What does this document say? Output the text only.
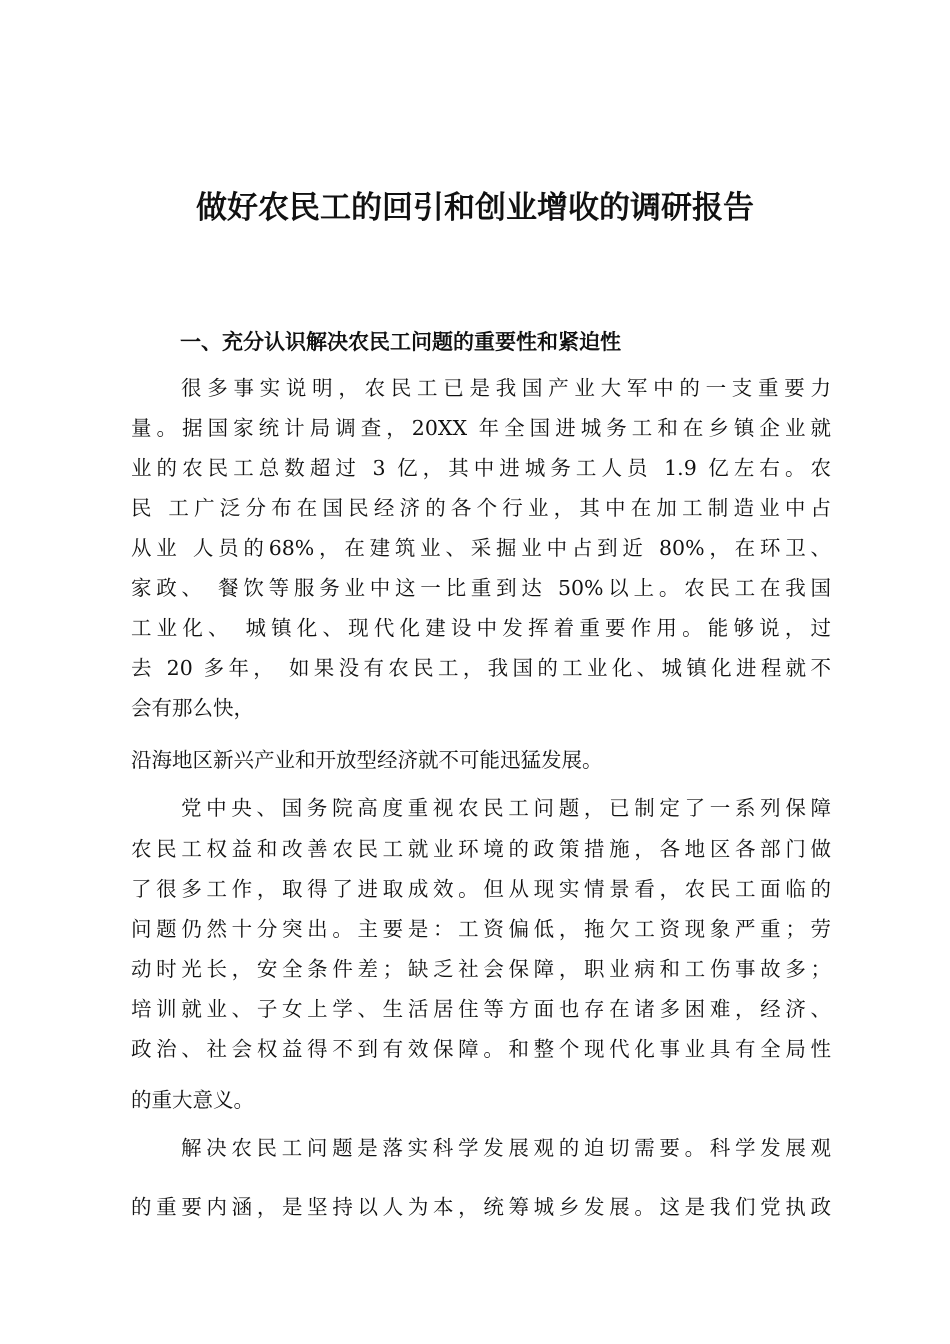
做好农民工的回引和创业增收的调研报告
一、充分认识解决农民工问题的重要性和紧迫性
很多事实说明，农民工已是我国产业大军中的一支重要力
量。据国家统计局调查，20XX 年全国进城务工和在乡镇企业就
业的农民工总数超过 3 亿，其中进城务工人员 1.9 亿左右。农
民 工广泛分布在国民经济的各个行业，其中在加工制造业中占
从业 人员的68%，在建筑业、采掘业中占到近 80%，在环卫、
家政、 餐饮等服务业中这一比重到达 50%以上。农民工在我国
工业化、 城镇化、现代化建设中发挥着重要作用。能够说，过
去 20 多年， 如果没有农民工，我国的工业化、城镇化进程就不
会有那么快，
沿海地区新兴产业和开放型经济就不可能迅猛发展。
党中央、国务院高度重视农民工问题，已制定了一系列保障
农民工权益和改善农民工就业环境的政策措施，各地区各部门做
了很多工作，取得了进取成效。但从现实情景看，农民工面临的
问题仍然十分突出。主要是：工资偏低，拖欠工资现象严重；劳
动时光长，安全条件差；缺乏社会保障，职业病和工伤事故多；
培训就业、子女上学、生活居住等方面也存在诸多困难，经济、
政治、社会权益得不到有效保障。和整个现代化事业具有全局性
的重大意义。
解决农民工问题是落实科学发展观的迫切需要。科学发展观
的重要内涵，是坚持以人为本，统筹城乡发展。这是我们党执政
